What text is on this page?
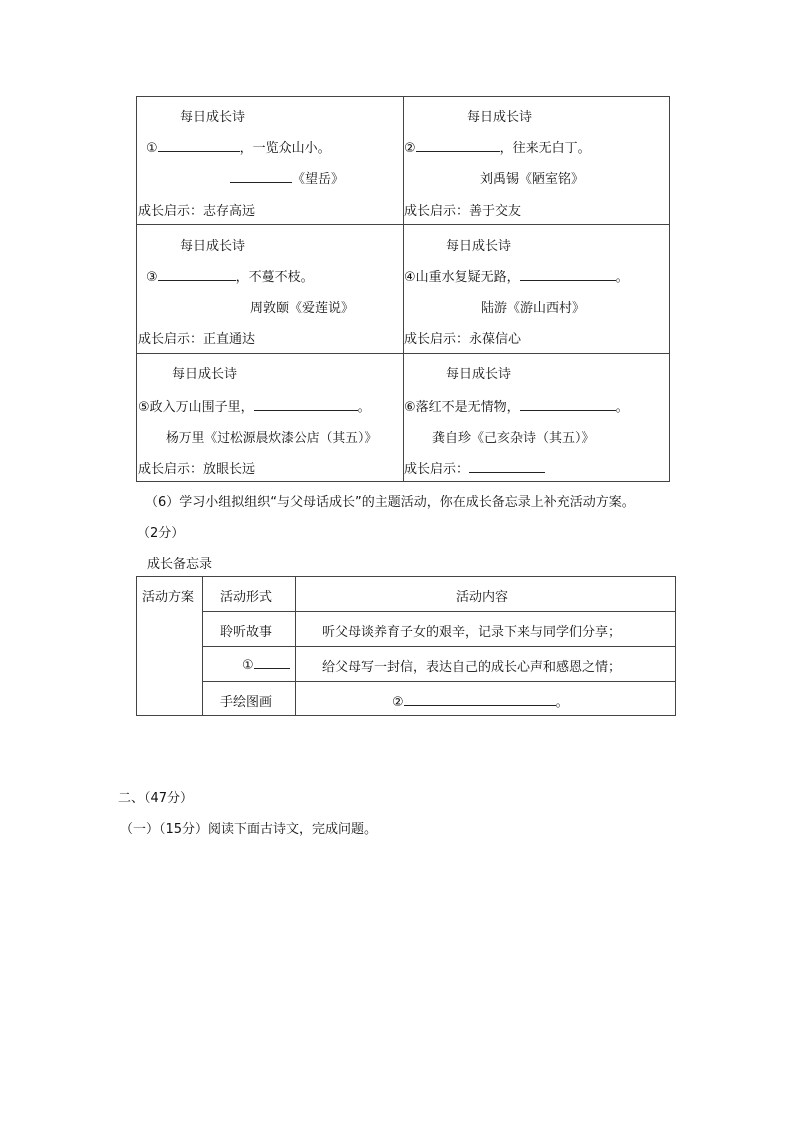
每日成长诗
①	，一览众山小。
《望岳》
成长启示：志存高远
每日成长诗
②	，往来无白丁。
刘禹锡《陋室铭》
成长启示：善于交友
每日成长诗
③	，不蔓不枝。
周敦颐《爱莲说》
成长启示：正直通达
每日成长诗
④山重水复疑无路，	。
陆游《游山西村》
成长启示：永葆信心
每日成长诗
⑤政入万山围子里，	。
杨万里《过松源晨炊漆公店（其五）》
成长启示：放眼长远
每日成长诗
⑥落红不是无情物，	。
龚自珍《己亥杂诗（其五）》
成长启示：
（6）学习小组拟组织“与父母话成长”的主题活动，你在成长备忘录上补充活动方案。
（2分）
成长备忘录
活动方案 活动形式	活动内容
聆听故事	听父母谈养育子女的艰辛，记录下来与同学们分享；
①	给父母写一封信，表达自己的成长心声和感恩之情；
手绘图画	②	。
二、（47分）
（一）（15分）阅读下面古诗文，完成问题。
